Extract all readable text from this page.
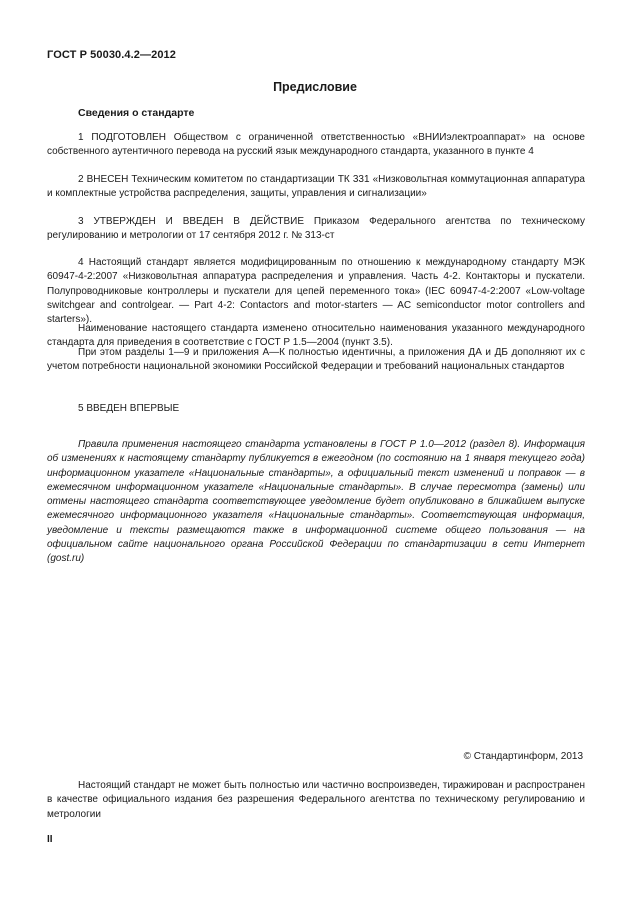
ГОСТ Р 50030.4.2—2012
Предисловие
Сведения о стандарте
1 ПОДГОТОВЛЕН Обществом с ограниченной ответственностью «ВНИИэлектроаппарат» на основе собственного аутентичного перевода на русский язык международного стандарта, указанного в пункте 4
2 ВНЕСЕН Техническим комитетом по стандартизации ТК 331 «Низковольтная коммутационная аппаратура и комплектные устройства распределения, защиты, управления и сигнализации»
3 УТВЕРЖДЕН И ВВЕДЕН В ДЕЙСТВИЕ Приказом Федерального агентства по техническому регулированию и метрологии от 17 сентября 2012 г. № 313-ст
4 Настоящий стандарт является модифицированным по отношению к международному стандарту МЭК 60947-4-2:2007 «Низковольтная аппаратура распределения и управления. Часть 4-2. Контакторы и пускатели. Полупроводниковые контроллеры и пускатели для цепей переменного тока» (IEC 60947-4-2:2007 «Low-voltage switchgear and controlgear. — Part 4-2: Contactors and motor-starters — AC semiconductor motor controllers and starters»).
Наименование настоящего стандарта изменено относительно наименования указанного международного стандарта для приведения в соответствие с ГОСТ Р 1.5—2004 (пункт 3.5).
При этом разделы 1—9 и приложения А—К полностью идентичны, а приложения ДА и ДБ дополняют их с учетом потребности национальной экономики Российской Федерации и требований национальных стандартов
5 ВВЕДЕН ВПЕРВЫЕ
Правила применения настоящего стандарта установлены в ГОСТ Р 1.0—2012 (раздел 8). Информация об изменениях к настоящему стандарту публикуется в ежегодном (по состоянию на 1 января текущего года) информационном указателе «Национальные стандарты», а официальный текст изменений и поправок — в ежемесячном информационном указателе «Национальные стандарты». В случае пересмотра (замены) или отмены настоящего стандарта соответствующее уведомление будет опубликовано в ближайшем выпуске ежемесячного информационного указателя «Национальные стандарты». Соответствующая информация, уведомление и тексты размещаются также в информационной системе общего пользования — на официальном сайте национального органа Российской Федерации по стандартизации в сети Интернет (gost.ru)
© Стандартинформ, 2013
Настоящий стандарт не может быть полностью или частично воспроизведен, тиражирован и распространен в качестве официального издания без разрешения Федерального агентства по техническому регулированию и метрологии
II
